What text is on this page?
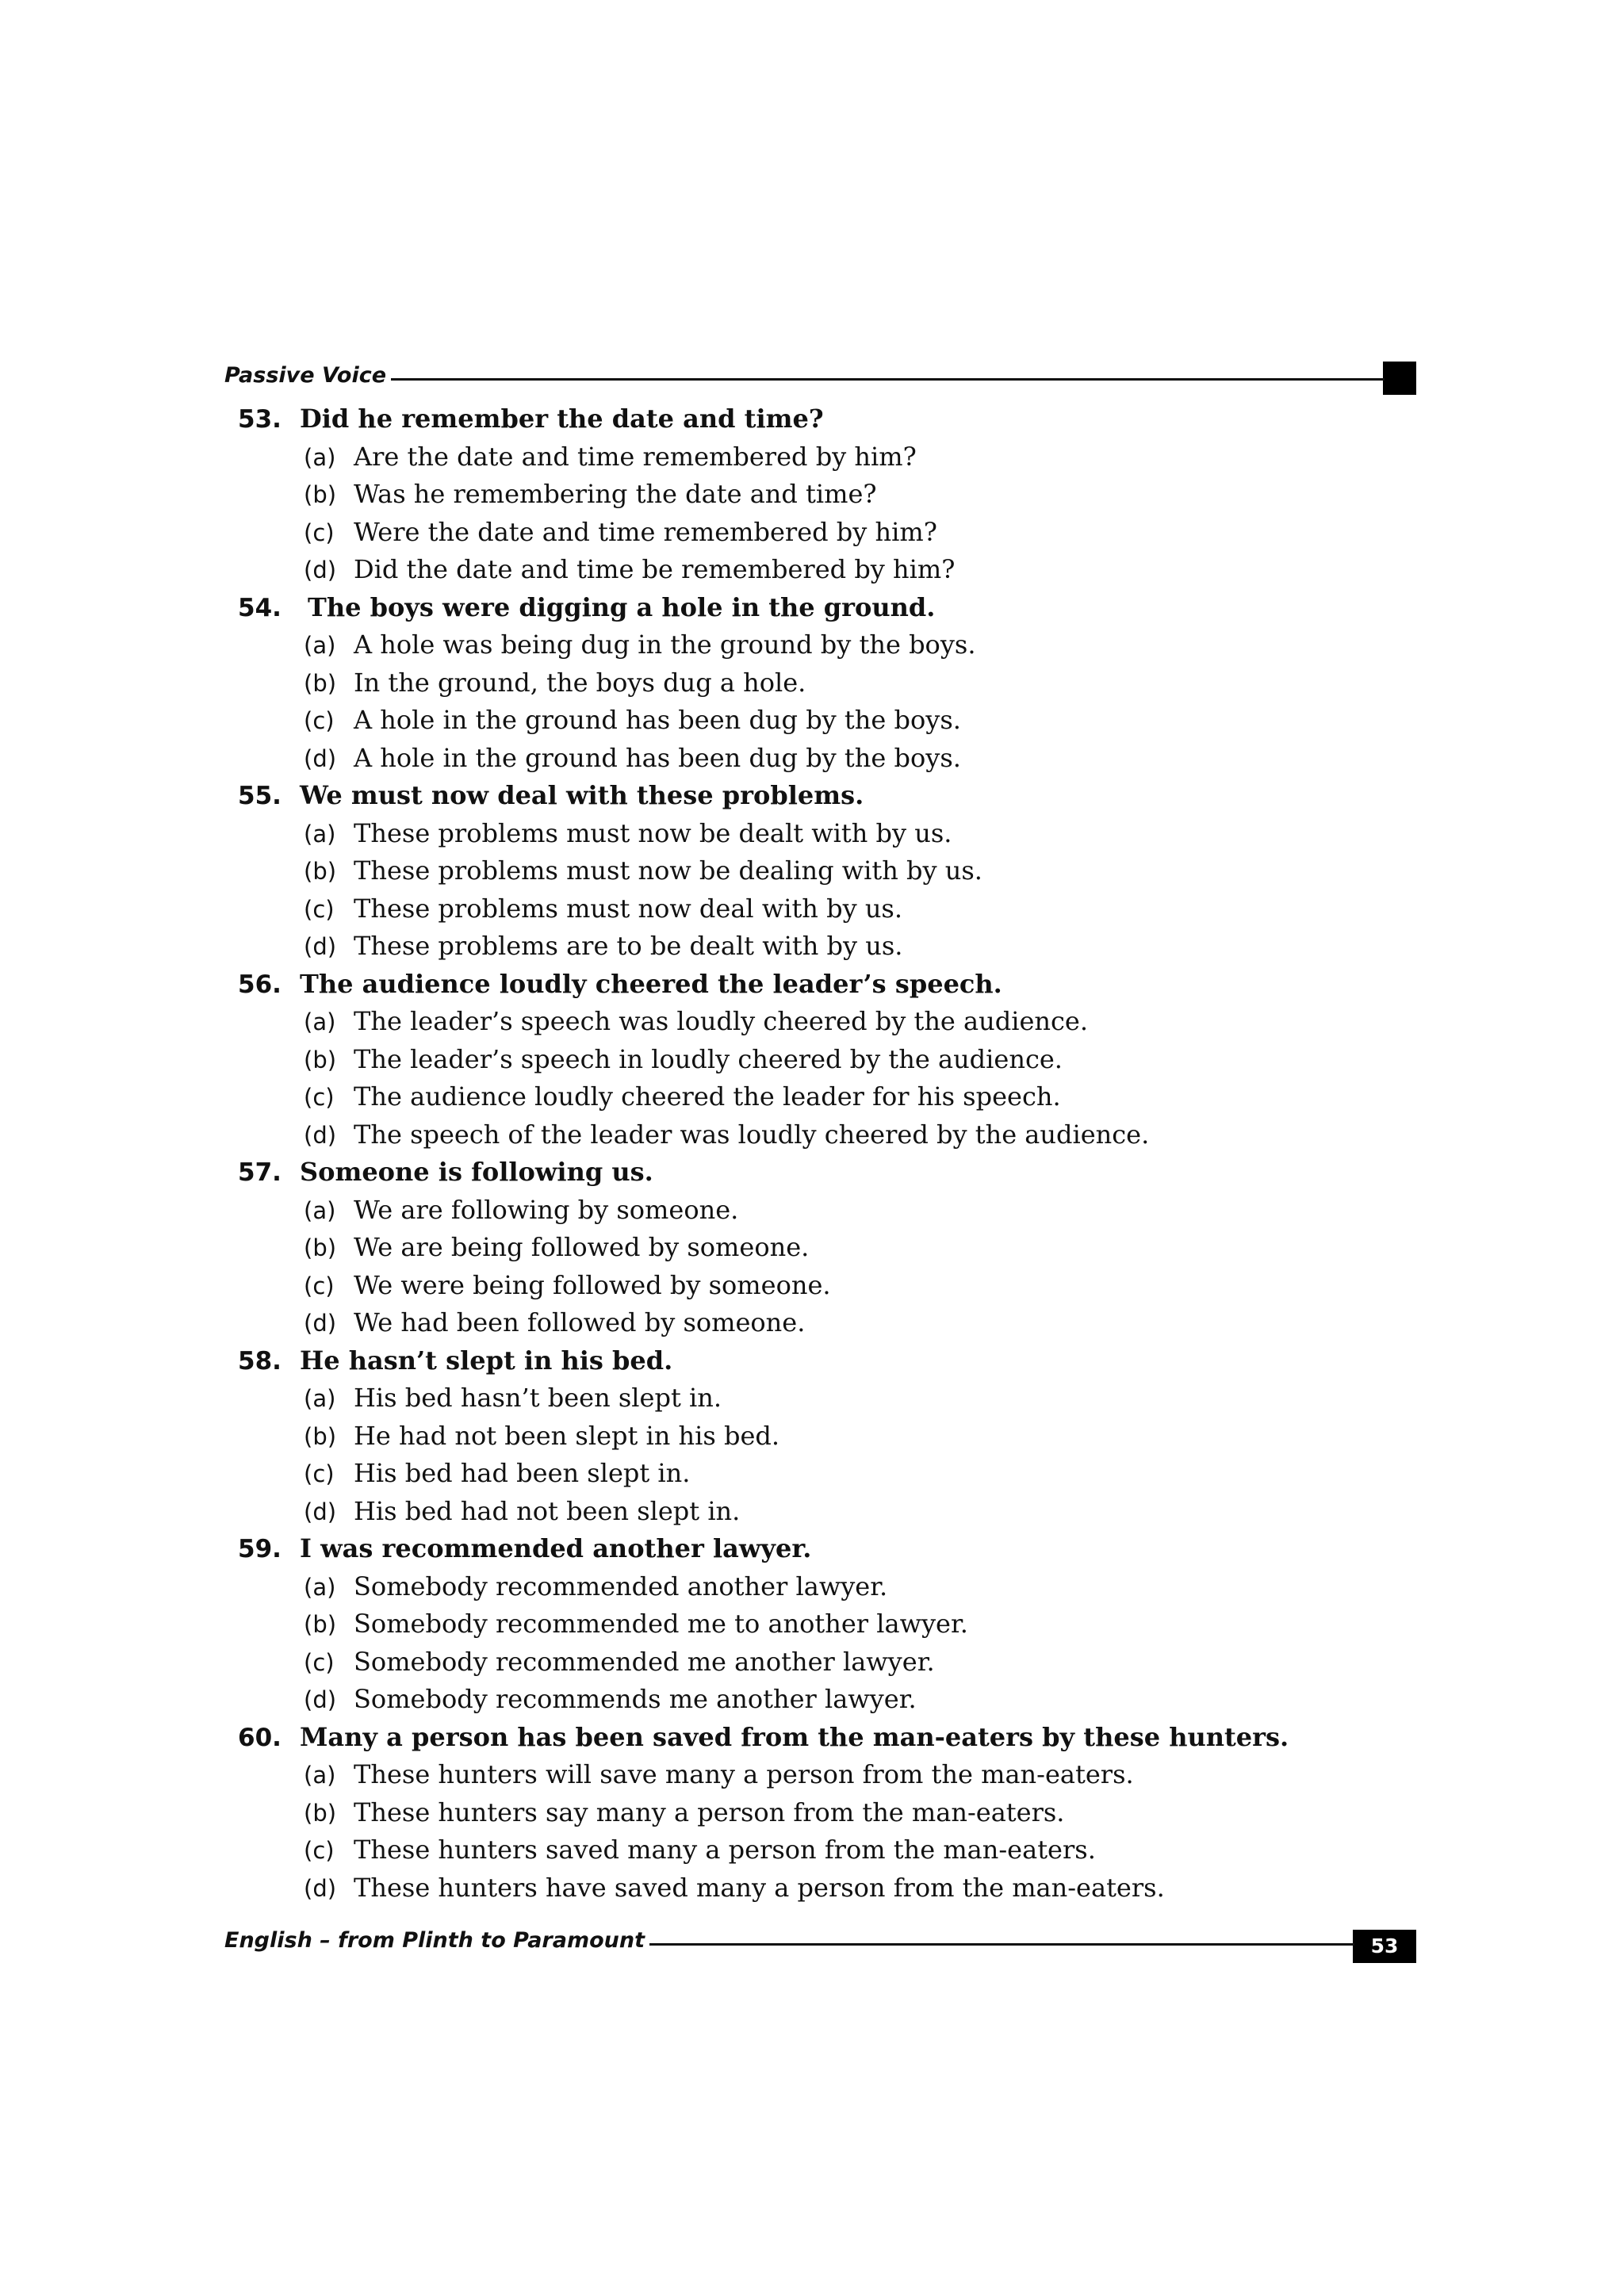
Passive Voice
53. Did he remember the date and time?
(a) Are the date and time remembered by him?
(b) Was he remembering the date and time?
(c) Were the date and time remembered by him?
(d) Did the date and time be remembered by him?
54. The boys were digging a hole in the ground.
(a) A hole was being dug in the ground by the boys.
(b) In the ground, the boys dug a hole.
(c) A hole in the ground has been dug by the boys.
(d) A hole in the ground has been dug by the boys.
55. We must now deal with these problems.
(a) These problems must now be dealt with by us.
(b) These problems must now be dealing with by us.
(c) These problems must now deal with by us.
(d) These problems are to be dealt with by us.
56. The audience loudly cheered the leader’s speech.
(a) The leader’s speech was loudly cheered by the audience.
(b) The leader’s speech in loudly cheered by the audience.
(c) The audience loudly cheered the leader for his speech.
(d) The speech of the leader was loudly cheered by the audience.
57. Someone is following us.
(a) We are following by someone.
(b) We are being followed by someone.
(c) We were being followed by someone.
(d) We had been followed by someone.
58. He hasn’t slept in his bed.
(a) His bed hasn’t been slept in.
(b) He had not been slept in his bed.
(c) His bed had been slept in.
(d) His bed had not been slept in.
59. I was recommended another lawyer.
(a) Somebody recommended another lawyer.
(b) Somebody recommended me to another lawyer.
(c) Somebody recommended me another lawyer.
(d) Somebody recommends me another lawyer.
60. Many a person has been saved from the man-eaters by these hunters.
(a) These hunters will save many a person from the man-eaters.
(b) These hunters say many a person from the man-eaters.
(c) These hunters saved many a person from the man-eaters.
(d) These hunters have saved many a person from the man-eaters.
English – from Plinth to Paramount	53
